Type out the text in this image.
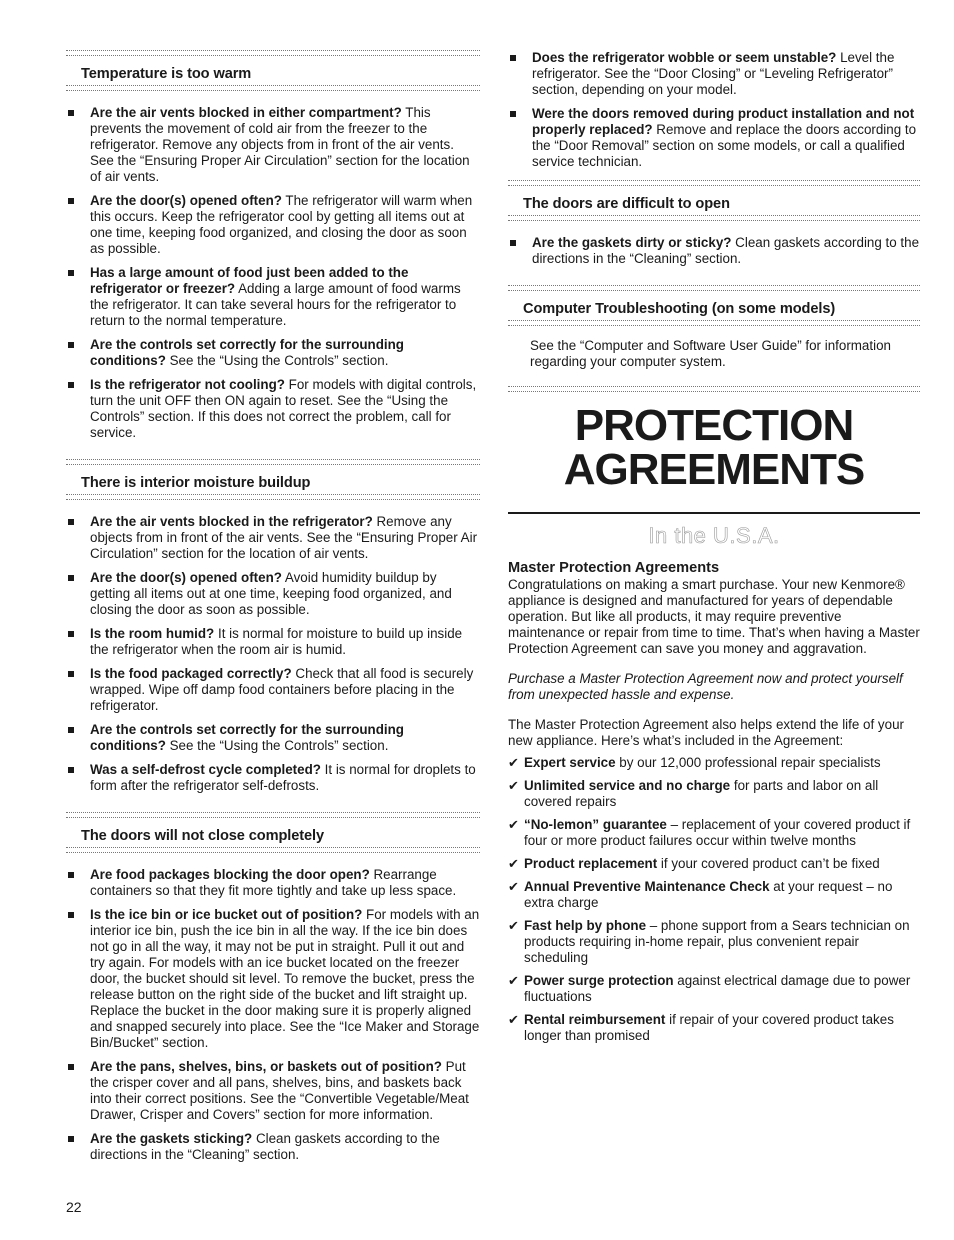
Temperature is too warm
Are the air vents blocked in either compartment? This prevents the movement of cold air from the freezer to the refrigerator. Remove any objects from in front of the air vents. See the “Ensuring Proper Air Circulation” section for the location of air vents.
Are the door(s) opened often? The refrigerator will warm when this occurs. Keep the refrigerator cool by getting all items out at one time, keeping food organized, and closing the door as soon as possible.
Has a large amount of food just been added to the refrigerator or freezer? Adding a large amount of food warms the refrigerator. It can take several hours for the refrigerator to return to the normal temperature.
Are the controls set correctly for the surrounding conditions? See the “Using the Controls” section.
Is the refrigerator not cooling? For models with digital controls, turn the unit OFF then ON again to reset. See the “Using the Controls” section. If this does not correct the problem, call for service.
There is interior moisture buildup
Are the air vents blocked in the refrigerator? Remove any objects from in front of the air vents. See the “Ensuring Proper Air Circulation” section for the location of air vents.
Are the door(s) opened often? Avoid humidity buildup by getting all items out at one time, keeping food organized, and closing the door as soon as possible.
Is the room humid? It is normal for moisture to build up inside the refrigerator when the room air is humid.
Is the food packaged correctly? Check that all food is securely wrapped. Wipe off damp food containers before placing in the refrigerator.
Are the controls set correctly for the surrounding conditions? See the “Using the Controls” section.
Was a self-defrost cycle completed? It is normal for droplets to form after the refrigerator self-defrosts.
The doors will not close completely
Are food packages blocking the door open? Rearrange containers so that they fit more tightly and take up less space.
Is the ice bin or ice bucket out of position? For models with an interior ice bin, push the ice bin in all the way. If the ice bin does not go in all the way, it may not be put in straight. Pull it out and try again. For models with an ice bucket located on the freezer door, the bucket should sit level. To remove the bucket, press the release button on the right side of the bucket and lift straight up. Replace the bucket in the door making sure it is properly aligned and snapped securely into place. See the “Ice Maker and Storage Bin/Bucket” section.
Are the pans, shelves, bins, or baskets out of position? Put the crisper cover and all pans, shelves, bins, and baskets back into their correct positions. See the “Convertible Vegetable/Meat Drawer, Crisper and Covers” section for more information.
Are the gaskets sticking? Clean gaskets according to the directions in the “Cleaning” section.
Does the refrigerator wobble or seem unstable? Level the refrigerator. See the “Door Closing” or “Leveling Refrigerator” section, depending on your model.
Were the doors removed during product installation and not properly replaced? Remove and replace the doors according to the “Door Removal” section on some models, or call a qualified service technician.
The doors are difficult to open
Are the gaskets dirty or sticky? Clean gaskets according to the directions in the “Cleaning” section.
Computer Troubleshooting (on some models)
See the “Computer and Software User Guide” for information regarding your computer system.
PROTECTION
AGREEMENTS
In the U.S.A.
Master Protection Agreements

Congratulations on making a smart purchase. Your new Kenmore® appliance is designed and manufactured for years of dependable operation. But like all products, it may require preventive maintenance or repair from time to time. That’s when having a Master Protection Agreement can save you money and aggravation.

Purchase a Master Protection Agreement now and protect yourself from unexpected hassle and expense.

The Master Protection Agreement also helps extend the life of your new appliance. Here’s what’s included in the Agreement:

✔ Expert service by our 12,000 professional repair specialists
✔ Unlimited service and no charge for parts and labor on all covered repairs
✔ “No-lemon” guarantee – replacement of your covered product if four or more product failures occur within twelve months
✔ Product replacement if your covered product can’t be fixed
✔ Annual Preventive Maintenance Check at your request – no extra charge
✔ Fast help by phone – phone support from a Sears technician on products requiring in-home repair, plus convenient repair scheduling
✔ Power surge protection against electrical damage due to power fluctuations
✔ Rental reimbursement if repair of your covered product takes longer than promised
22
